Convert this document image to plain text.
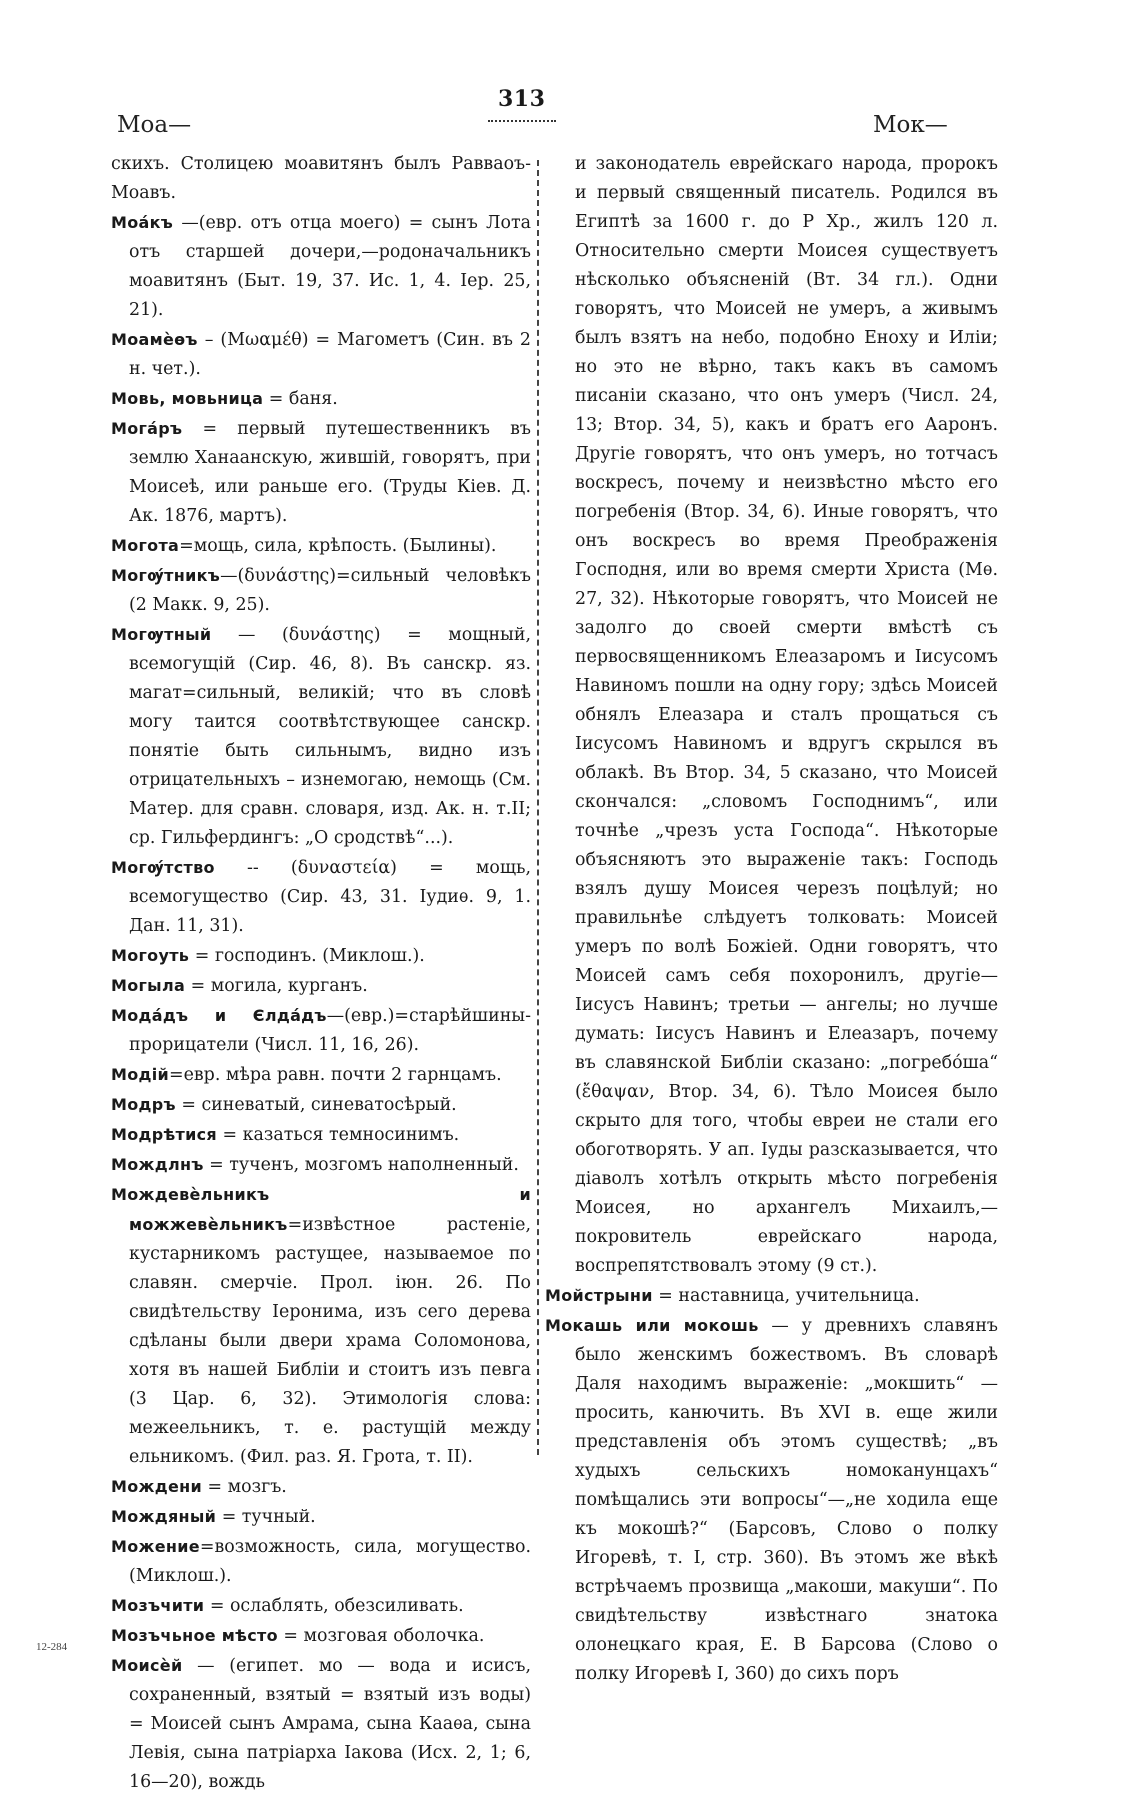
313
Моа—	Мок—

скихъ. Столицею моавитянъ былъ Равваоъ-Моавъ.

Моа́къ —(евр. отъ отца моего) = сынъ Лота отъ старшей дочери,—родоначальникъ моавитянъ (Быт. 19, 37. Ис. 1, 4. Іер. 25, 21).

Моамѐѳъ – (Μωαμέθ) = Магометъ (Син. въ 2 н. чет.).

Мовь, мовьница = баня.

Мога́ръ = первый путешественникъ въ землю Ханаанскую, жившій, говорятъ, при Моисеѣ, или раньше его. (Труды Кіев. Д. Ак. 1876, мартъ).

Могота=мощь, сила, крѣпость. (Былины).

Могѹ́тникъ—(δυνάστης)=сильный человѣкъ (2 Макк. 9, 25).

Могѹтный — (δυνάστης) = мощный, всемогущій (Сир. 46, 8). Въ санскр. яз. магат=сильный, великій; что въ словѣ могу таится соотвѣтствующее санскр. понятіе быть сильнымъ, видно изъ отрицательныхъ – изнемогаю, немощь (См. Матер. для сравн. словаря, изд. Ак. н. т.II; ср. Гильфердингъ: „О сродствѣ“...).

Могѹ́тство -- (δυναστεία) = мощь, всемогущество (Сир. 43, 31. Іудиѳ. 9, 1. Дан. 11, 31).

Могоуть = господинъ. (Миклош.).

Могыла = могила, курганъ.

Мода́дъ и Єлда́дъ—(евр.)=старѣйшины-прорицатели (Числ. 11, 16, 26).

Модій=евр. мѣра равн. почти 2 гарнцамъ.

Модръ = синеватый, синеватосѣрый.

Модрѣтися = казаться темносинимъ.

Мождлнъ = тученъ, мозгомъ наполненный.

Мождевѐльникъ и можжевѐльникъ=извѣстное растеніе, кустарникомъ растущее, называемое по славян. смерчіе. Прол. іюн. 26. По свидѣтельству Іеронима, изъ сего дерева сдѣланы были двери храма Соломонова, хотя въ нашей Библіи и стоитъ изъ певга (3 Цар. 6, 32). Этимологія слова: межеельникъ, т. е. растущій между ельникомъ. (Фил. раз. Я. Грота, т. II).

Мождени = мозгъ.

Мождяный = тучный.

Можение=возможность, сила, могущество. (Миклош.).

Мозъчити = ослаблять, обезсиливать.

Мозъчьное мѣсто = мозговая оболочка.

Моисѐй — (египет. мо — вода и исисъ, сохраненный, взятый = взятый изъ воды) = Моисей сынъ Амрама, сына Кааѳа, сына Левія, сына патріарха Іакова (Исх. 2, 1; 6, 16—20), вождь

и законодатель еврейскаго народа, пророкъ и первый священный писатель. Родился въ Египтѣ за 1600 г. до Р Хр., жилъ 120 л. Относительно смерти Моисея существуетъ нѣсколько объясненій (Вт. 34 гл.). Одни говорятъ, что Моисей не умеръ, а живымъ былъ взятъ на небо, подобно Еноху и Иліи; но это не вѣрно, такъ какъ въ самомъ писаніи сказано, что онъ умеръ (Числ. 24, 13; Втор. 34, 5), какъ и братъ его Ааронъ. Другіе говорятъ, что онъ умеръ, но тотчасъ воскресъ, почему и неизвѣстно мѣсто его погребенія (Втор. 34, 6). Иные говорятъ, что онъ воскресъ во время Преображенія Господня, или во время смерти Христа (Мѳ. 27, 32). Нѣкоторые говорятъ, что Моисей не задолго до своей смерти вмѣстѣ съ первосвященникомъ Елеазаромъ и Іисусомъ Навиномъ пошли на одну гору; здѣсь Моисей обнялъ Елеазара и сталъ прощаться съ Іисусомъ Навиномъ и вдругъ скрылся въ облакѣ. Въ Втор. 34, 5 сказано, что Моисей скончался: „словомъ Господнимъ“, или точнѣе „чрезъ уста Господа“. Нѣкоторые объясняютъ это выраженіе такъ: Господь взялъ душу Моисея черезъ поцѣлуй; но правильнѣе слѣдуетъ толковать: Моисей умеръ по волѣ Божіей. Одни говорятъ, что Моисей самъ себя похоронилъ, другіе—Іисусъ Навинъ; третьи — ангелы; но лучше думать: Іисусъ Навинъ и Елеазаръ, почему въ славянской Библіи сказано: „погребо́ша“ (ἔθαψαν, Втор. 34, 6). Тѣло Моисея было скрыто для того, чтобы евреи не стали его обоготворять. У ап. Іуды разсказывается, что діаволъ хотѣлъ открыть мѣсто погребенія Моисея, но архангелъ Михаилъ,—покровитель еврейскаго народа, воспрепятствовалъ этому (9 ст.).

Мойстрыни = наставница, учительница.

Мокашь или мокошь — у древнихъ славянъ было женскимъ божествомъ. Въ словарѣ Даля находимъ выраженіе: „мокшить“ — просить, канючить. Въ XVI в. еще жили представленія объ этомъ существѣ; „въ худыхъ сельскихъ номоканунцахъ“ помѣщались эти вопросы“—„не ходила еще къ мокошѣ?“ (Барсовъ, Слово о полку Игоревѣ, т. I, стр. 360). Въ этомъ же вѣкѣ встрѣчаемъ прозвища „макоши, макуши“. По свидѣтельству извѣстнаго знатока олонецкаго края, Е. В Барсова (Слово о полку Игоревѣ I, 360) до сихъ поръ

12-284
